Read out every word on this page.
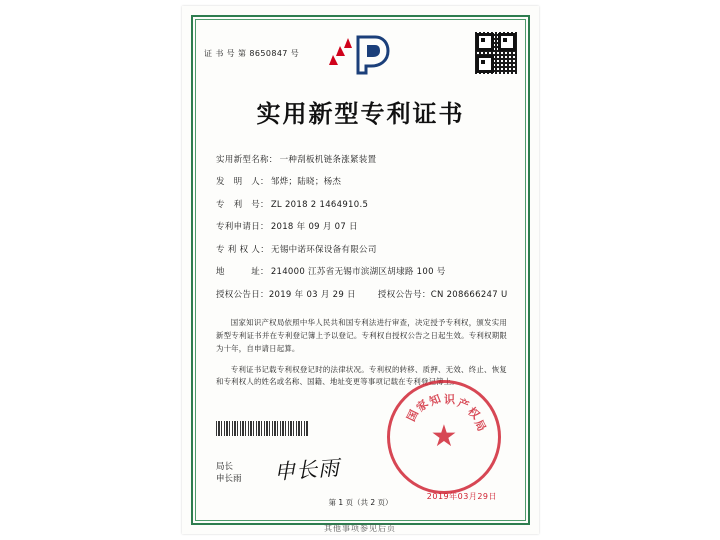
证 书 号 第 8650847 号
实用新型专利证书
实用新型名称： 一种刮板机链条涨紧装置
发　明　人： 邹烨；陆晓；杨杰
专　利　号： ZL 2018 2 1464910.5
专利申请日： 2018 年 09 月 07 日
专 利 权 人： 无锡中诺环保设备有限公司
地　　　址： 214000 江苏省无锡市滨湖区胡埭路 100 号
授权公告日： 2019 年 03 月 29 日	授权公告号： CN 208666247 U

国家知识产权局依照中华人民共和国专利法进行审查，决定授予专利权，颁发实用新型专利证书并在专利登记簿上予以登记。专利权自授权公告之日起生效。专利权期限为十年，自申请日起算。

专利证书记载专利权登记时的法律状况。专利权的转移、质押、无效、终止、恢复和专利权人的姓名或名称、国籍、地址变更等事项记载在专利登记簿上。

局长
申长雨 申长雨
国
家
知 识 产
权
局
★
2019年03月29日
第 1 页（共 2 页）
其他事项参见后页
